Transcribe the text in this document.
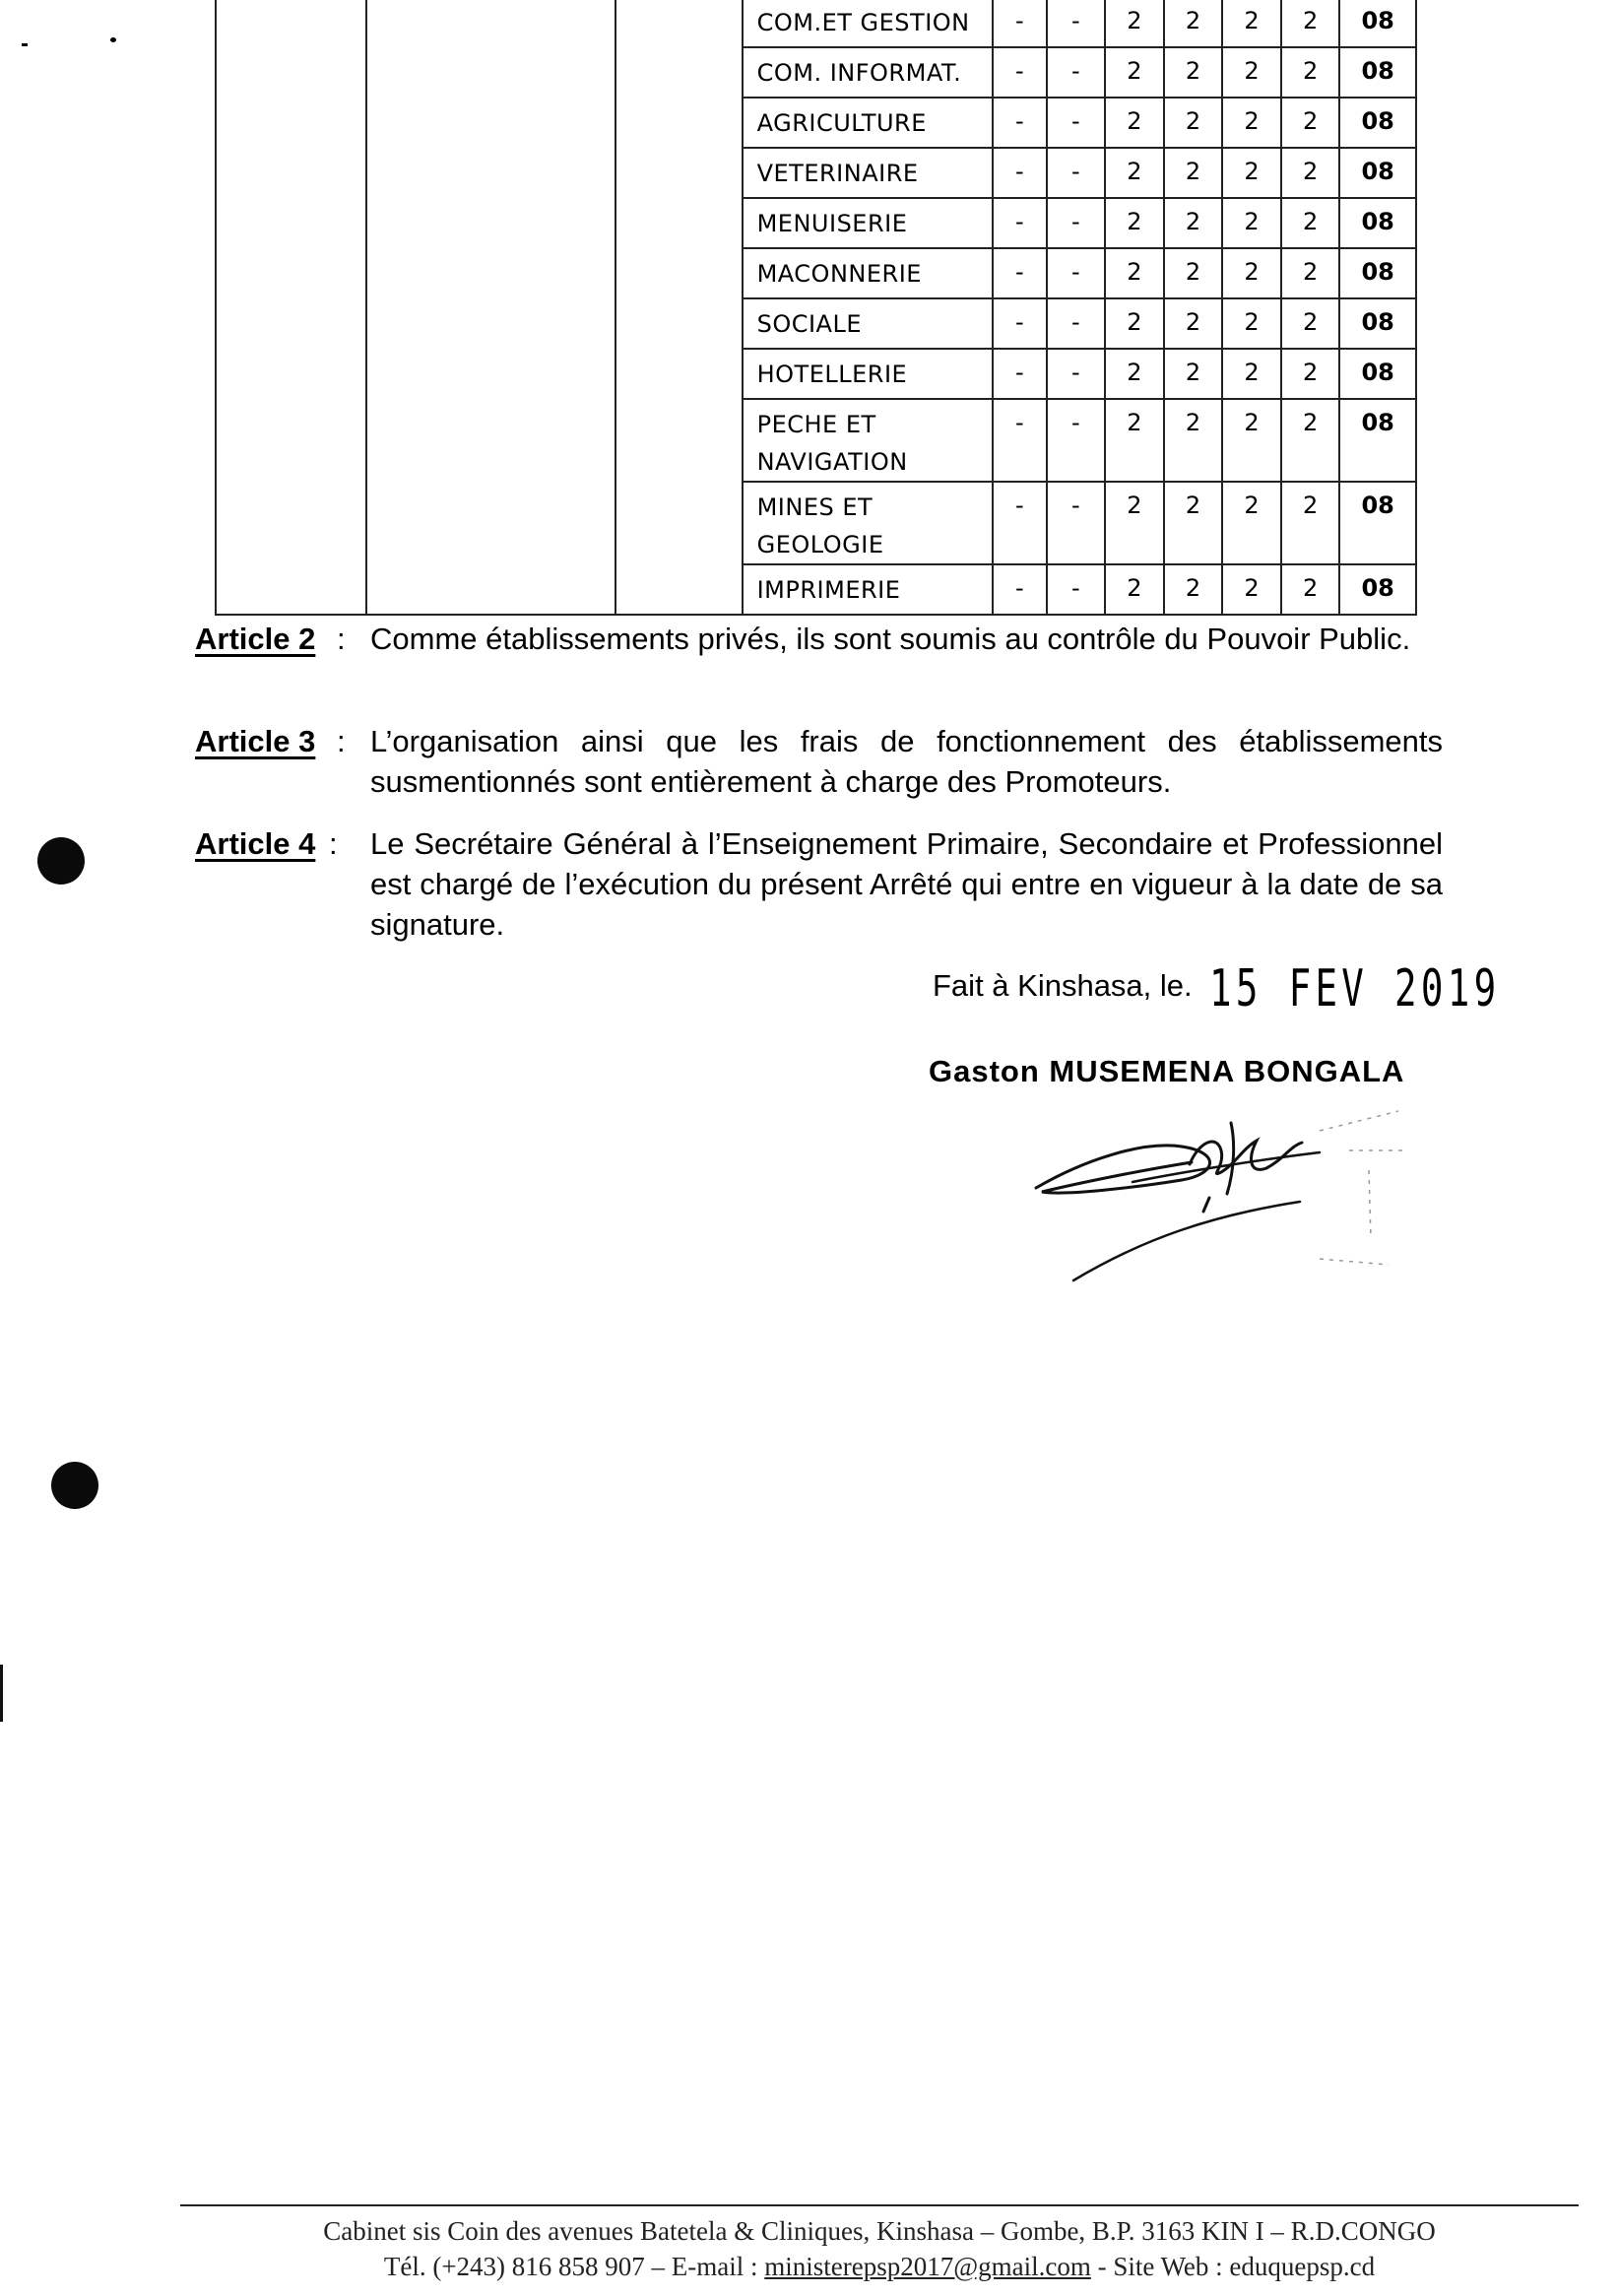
			COM.ET GESTION	-	-	2	2	2	2	08
			COM. INFORMAT.	-	-	2	2	2	2	08
			AGRICULTURE	-	-	2	2	2	2	08
			VETERINAIRE	-	-	2	2	2	2	08
			MENUISERIE	-	-	2	2	2	2	08
			MACONNERIE	-	-	2	2	2	2	08
			SOCIALE	-	-	2	2	2	2	08
			HOTELLERIE	-	-	2	2	2	2	08
			PECHE ET
NAVIGATION	-	-	2	2	2	2	08
			MINES ET
GEOLOGIE	-	-	2	2	2	2	08
			IMPRIMERIE	-	-	2	2	2	2	08
Article 2 : Comme établissements privés, ils sont soumis au contrôle du Pouvoir Public.
Article 3 : L’organisation ainsi que les frais de fonctionnement des établissements susmentionnés sont entièrement à charge des Promoteurs.
Article 4 : Le Secrétaire Général à l’Enseignement Primaire, Secondaire et Professionnel est chargé de l’exécution du présent Arrêté qui entre en vigueur à la date de sa signature.
Fait à Kinshasa, le. 15 FEV 2019
Gaston MUSEMENA BONGALA
Cabinet sis Coin des avenues Batetela & Cliniques, Kinshasa – Gombe, B.P. 3163 KIN I – R.D.CONGO
Tél. (+243) 816 858 907 – E-mail : ministerepsp2017@gmail.com - Site Web : eduquepsp.cd
